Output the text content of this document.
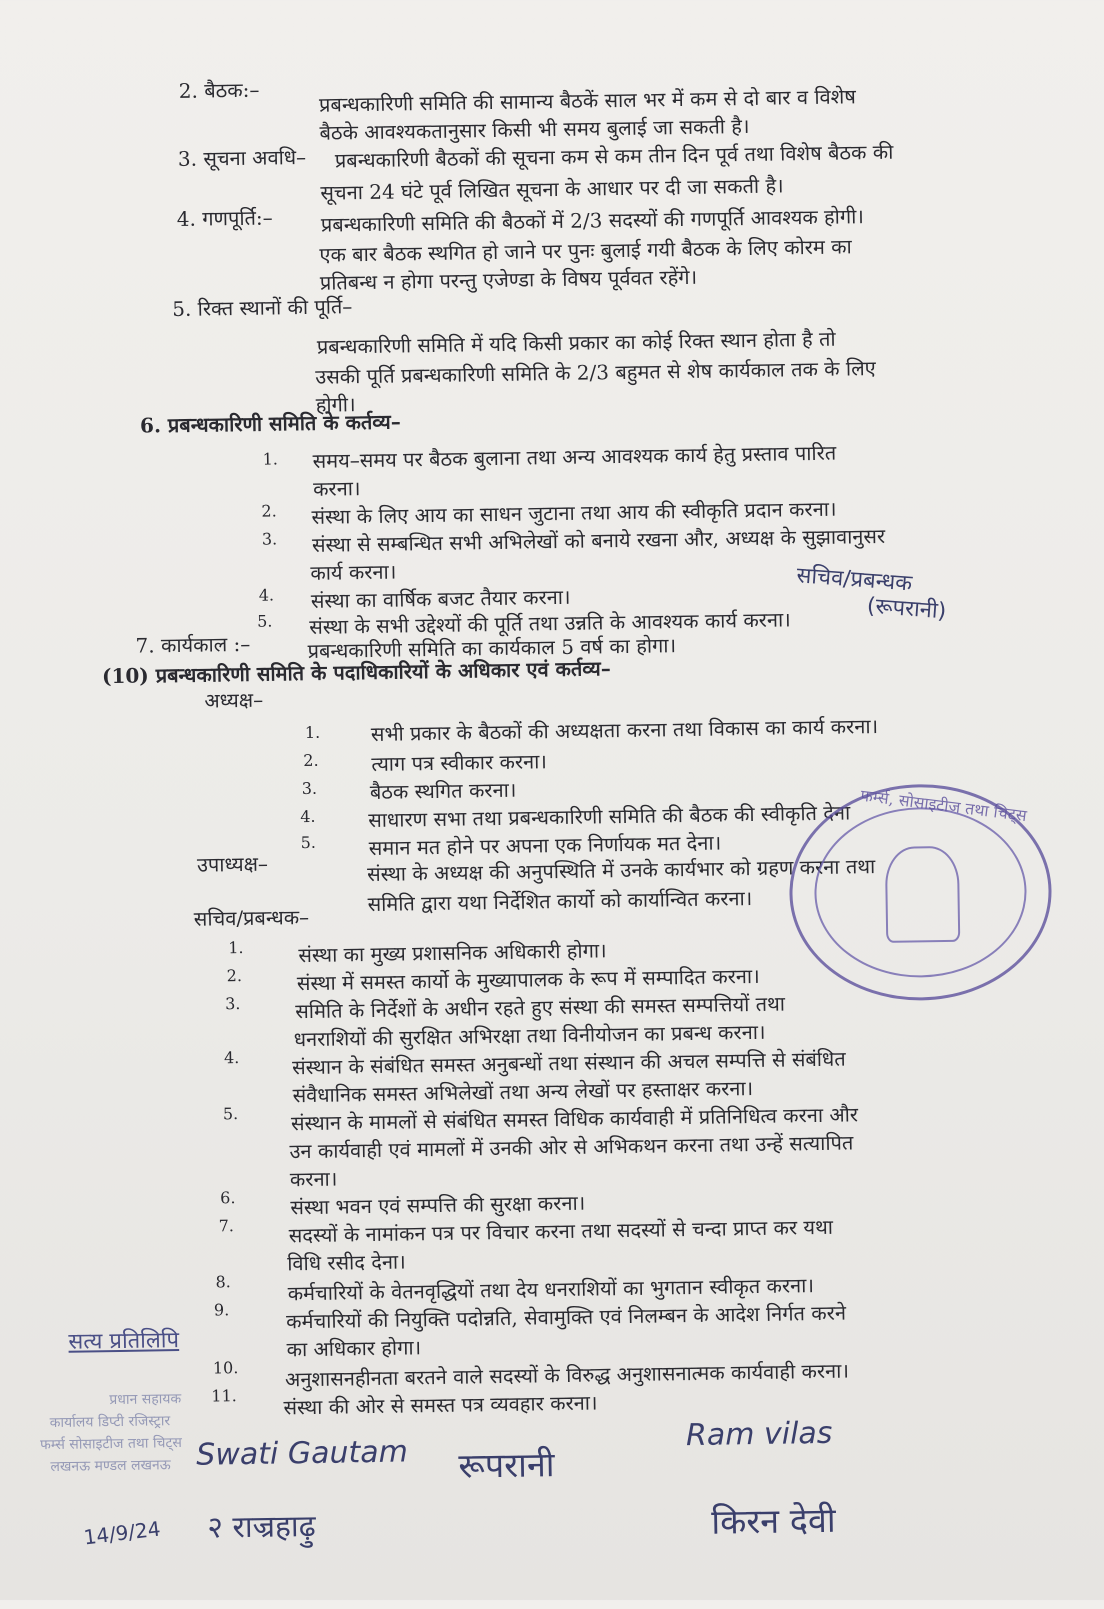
2. बैठक:–	प्रबन्धकारिणी समिति की सामान्य बैठकें साल भर में कम से दो बार व विशेष
बैठके आवश्यकतानुसार किसी भी समय बुलाई जा सकती है।
3. सूचना अवधि– प्रबन्धकारिणी बैठकों की सूचना कम से कम तीन दिन पूर्व तथा विशेष बैठक की
सूचना 24 घंटे पूर्व लिखित सूचना के आधार पर दी जा सकती है।
4. गणपूर्ति:– प्रबन्धकारिणी समिति की बैठकों में 2/3 सदस्यों की गणपूर्ति आवश्यक होगी।
एक बार बैठक स्थगित हो जाने पर पुनः बुलाई गयी बैठक के लिए कोरम का
प्रतिबन्ध न होगा परन्तु एजेण्डा के विषय पूर्ववत रहेंगे।
5. रिक्त स्थानों की पूर्ति–
प्रबन्धकारिणी समिति में यदि किसी प्रकार का कोई रिक्त स्थान होता है तो
उसकी पूर्ति प्रबन्धकारिणी समिति के 2/3 बहुमत से शेष कार्यकाल तक के लिए
होगी।
6. प्रबन्धकारिणी समिति के कर्तव्य–
1. समय–समय पर बैठक बुलाना तथा अन्य आवश्यक कार्य हेतु प्रस्ताव पारित
करना।
2. संस्था के लिए आय का साधन जुटाना तथा आय की स्वीकृति प्रदान करना।
3. संस्था से सम्बन्धित सभी अभिलेखों को बनाये रखना और, अध्यक्ष के सुझावानुसर
कार्य करना।
4. संस्था का वार्षिक बजट तैयार करना।
5. संस्था के सभी उद्देश्यों की पूर्ति तथा उन्नति के आवश्यक कार्य करना।
सचिव/प्रबन्धक
(रूपरानी)
7. कार्यकाल :–	प्रबन्धकारिणी समिति का कार्यकाल 5 वर्ष का होगा।
(10) प्रबन्धकारिणी समिति के पदाधिकारियों के अधिकार एवं कर्तव्य–
अध्यक्ष–
1.	सभी प्रकार के बैठकों की अध्यक्षता करना तथा विकास का कार्य करना।
2.	त्याग पत्र स्वीकार करना।
3.	बैठक स्थगित करना।
4.	साधारण सभा तथा प्रबन्धकारिणी समिति की बैठक की स्वीकृति देना
5.	समान मत होने पर अपना एक निर्णायक मत देना।
उपाध्यक्ष–	संस्था के अध्यक्ष की अनुपस्थिति में उनके कार्यभार को ग्रहण करना तथा
समिति द्वारा यथा निर्देशित कार्यो को कार्यान्वित करना।
फर्म्स, सोसाइटीज तथा चिट्स
सचिव/प्रबन्धक–
1.	संस्था का मुख्य प्रशासनिक अधिकारी होगा।
2.	संस्था में समस्त कार्यो के मुख्यापालक के रूप में सम्पादित करना।
3.	समिति के निर्देशों के अधीन रहते हुए संस्था की समस्त सम्पत्तियों तथा
धनराशियों की सुरक्षित अभिरक्षा तथा विनीयोजन का प्रबन्ध करना।
4.	संस्थान के संबंधित समस्त अनुबन्धों तथा संस्थान की अचल सम्पत्ति से संबंधित
संवैधानिक समस्त अभिलेखों तथा अन्य लेखों पर हस्ताक्षर करना।
5.	संस्थान के मामलों से संबंधित समस्त विधिक कार्यवाही में प्रतिनिधित्व करना और
उन कार्यवाही एवं मामलों में उनकी ओर से अभिकथन करना तथा उन्हें सत्यापित
करना।
6.	संस्था भवन एवं सम्पत्ति की सुरक्षा करना।
7.	सदस्यों के नामांकन पत्र पर विचार करना तथा सदस्यों से चन्दा प्राप्त कर यथा
विधि रसीद देना।
8.	कर्मचारियों के वेतनवृद्धियों तथा देय धनराशियों का भुगतान स्वीकृत करना।
9.	कर्मचारियों की नियुक्ति पदोन्नति, सेवामुक्ति एवं निलम्बन के आदेश निर्गत करने
का अधिकार होगा।
10. अनुशासनहीनता बरतने वाले सदस्यों के विरुद्ध अनुशासनात्मक कार्यवाही करना।
11. संस्था की ओर से समस्त पत्र व्यवहार करना।
सत्य प्रतिलिपि
प्रधान सहायक
कार्यालय डिप्टी रजिस्ट्रार
फर्म्स सोसाइटीज तथा चिट्स
लखनऊ मण्डल लखनऊ
14/9/24
Swati Gautam रूपरानी
Ram vilas
२ राज्रहाढ़ु	किरन देवी
